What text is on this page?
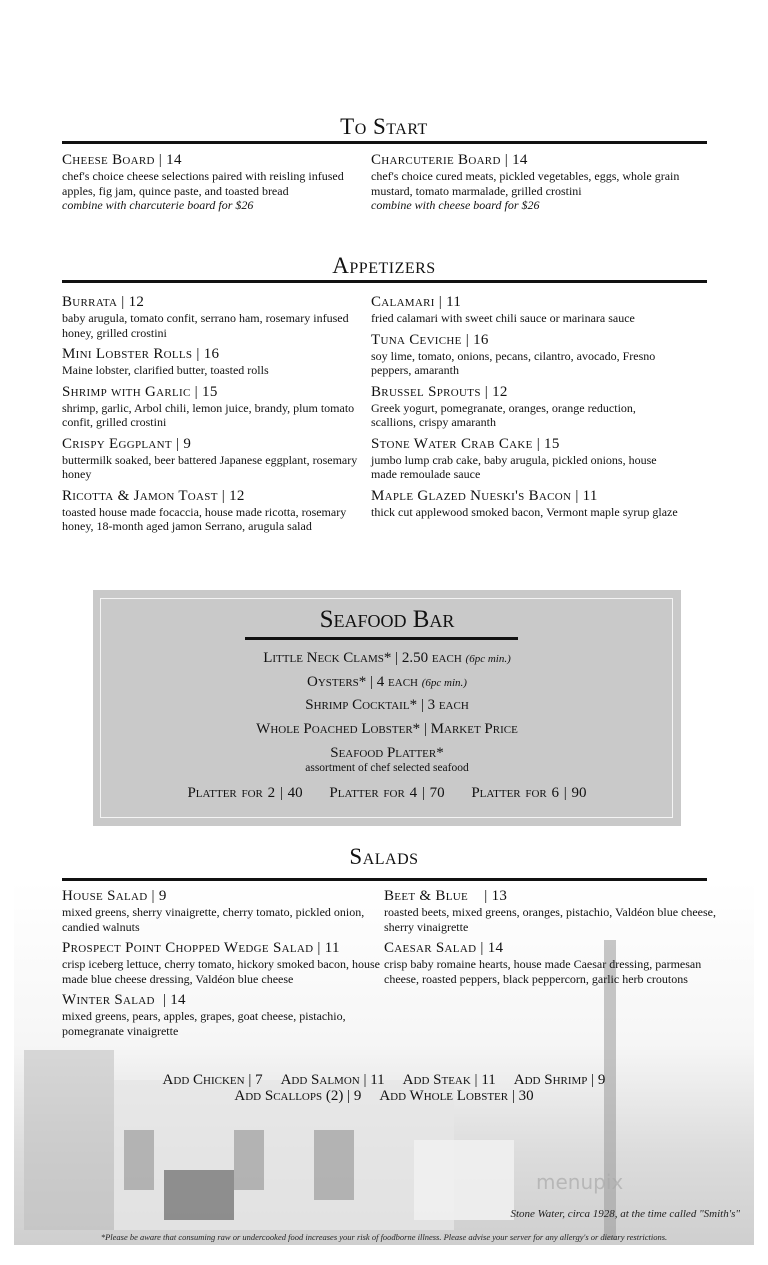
To Start
Cheese Board | 14
chef's choice cheese selections paired with reisling infused apples, fig jam, quince paste, and toasted bread
combine with charcuterie board for $26
Charcuterie Board | 14
chef's choice cured meats, pickled vegetables, eggs, whole grain mustard, tomato marmalade, grilled crostini
combine with cheese board for $26
Appetizers
Burrata | 12
baby arugula, tomato confit, serrano ham, rosemary infused honey, grilled crostini
Mini Lobster Rolls | 16
Maine lobster, clarified butter, toasted rolls
Shrimp with Garlic | 15
shrimp, garlic, Arbol chili, lemon juice, brandy, plum tomato confit, grilled crostini
Crispy Eggplant | 9
buttermilk soaked, beer battered Japanese eggplant, rosemary honey
Ricotta & Jamon Toast | 12
toasted house made focaccia, house made ricotta, rosemary honey, 18-month aged jamon Serrano, arugula salad
Calamari | 11
fried calamari with sweet chili sauce or marinara sauce
Tuna Ceviche | 16
soy lime, tomato, onions, pecans, cilantro, avocado, Fresno peppers, amaranth
Brussel Sprouts | 12
Greek yogurt, pomegranate, oranges, orange reduction, scallions, crispy amaranth
Stone Water Crab Cake | 15
jumbo lump crab cake, baby arugula, pickled onions, house made remoulade sauce
Maple Glazed Nueski's Bacon | 11
thick cut applewood smoked bacon, Vermont maple syrup glaze
Seafood Bar
Little Neck Clams* | 2.50 each (6pc min.)
Oysters* | 4 each (6pc min.)
Shrimp Cocktail* | 3 each
Whole Poached Lobster* | Market Price
Seafood Platter*
assortment of chef selected seafood
Platter for 2 | 40 Platter for 4 | 70 Platter for 6 | 90
Salads
House Salad | 9
mixed greens, sherry vinaigrette, cherry tomato, pickled onion, candied walnuts
Prospect Point Chopped Wedge Salad | 11
crisp iceberg lettuce, cherry tomato, hickory smoked bacon, house made blue cheese dressing, Valdéon blue cheese
Winter Salad  | 14
mixed greens, pears, apples, grapes, goat cheese, pistachio, pomegranate vinaigrette
Beet & Blue    | 13
roasted beets, mixed greens, oranges, pistachio, Valdéon blue cheese, sherry vinaigrette
Caesar Salad | 14
crisp baby romaine hearts, house made Caesar dressing, parmesan cheese, roasted peppers, black peppercorn, garlic herb croutons
Add Chicken | 7 Add Salmon | 11 Add Steak | 11 Add Shrimp | 9
Add Scallops (2) | 9 Add Whole Lobster | 30
menupix
Stone Water, circa 1928, at the time called "Smith's"
*Please be aware that consuming raw or undercooked food increases your risk of foodborne illness. Please advise your server for any allergy's or dietary restrictions.
